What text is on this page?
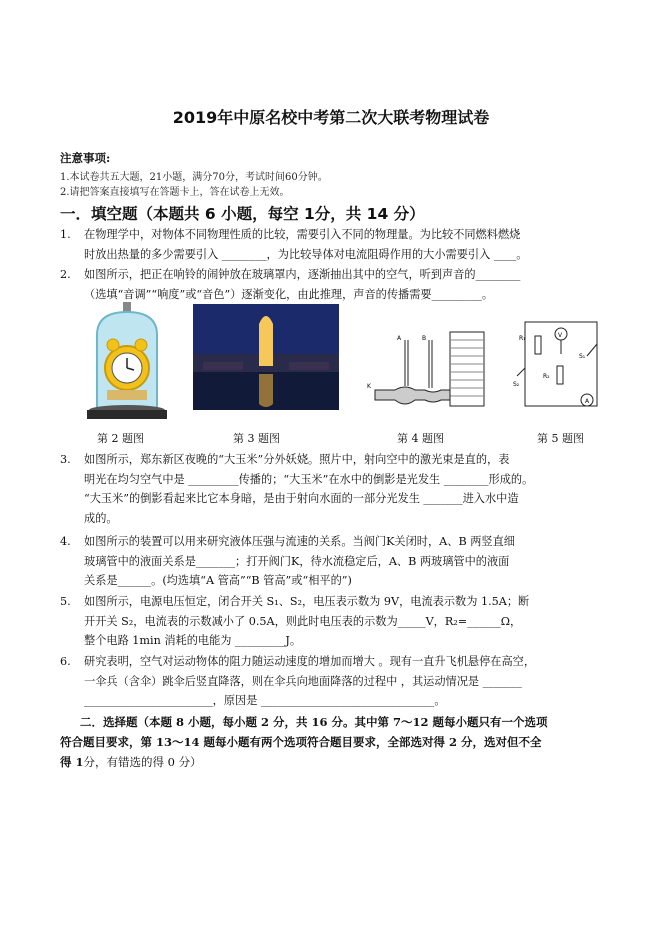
2019年中原名校中考第二次大联考物理试卷
注意事项:
1.本试卷共五大题，21小题，满分70分，考试时间60分钟。
2.请把答案直接填写在答题卡上，答在试卷上无效。
一．填空题（本题共 6 小题，每空 1分，共 14 分）
1.	在物理学中，对物体不同物理性质的比较，需要引入不同的物理量。为比较不同燃料燃烧
时放出热量的多少需要引入 ________，为比较导体对电流阻碍作用的大小需要引入 ____。
2.	如图所示，把正在响铃的闹钟放在玻璃罩内，逐渐抽出其中的空气，听到声音的________
（选填“音调”“响度”或“音色”）逐渐变化，由此推理，声音的传播需要_________。
A	B
K
R₁	V
S₁
S₂
R₂
A
第 2 题图	第 3 题图	第 4 题图	第 5 题图
3.	如图所示，郑东新区夜晚的“大玉米”分外妖娆。照片中，射向空中的激光束是直的，表
明光在均匀空气中是 _________传播的；“大玉米”在水中的倒影是光发生 ________形成的。
“大玉米”的倒影看起来比它本身暗，是由于射向水面的一部分光发生 _______进入水中造
成的。
4.	如图所示的装置可以用来研究液体压强与流速的关系。当阀门K关闭时，A、B 两竖直细
玻璃管中的液面关系是_______；打开阀门K，待水流稳定后，A、B 两玻璃管中的液面
关系是______。(均选填“A 管高”“B 管高”或“相平的”)
5.	如图所示，电源电压恒定，闭合开关 S₁、S₂，电压表示数为 9V，电流表示数为 1.5A；断
开开关 S₂，电流表的示数减小了 0.5A，则此时电压表的示数为_____V，R₂=______Ω，
整个电路 1min 消耗的电能为 _________J。
6.	研究表明，空气对运动物体的阻力随运动速度的增加而增大 。现有一直升飞机悬停在高空，
一伞兵（含伞）跳伞后竖直降落，则在伞兵向地面降落的过程中 ，其运动情况是 _______
_______________________，原因是 _______________________________。
二．选择题（本题 8 小题，每小题 2 分，共 16 分。其中第 7～12 题每小题只有一个选项
符合题目要求，第 13～14 题每小题有两个选项符合题目要求，全部选对得 2 分，选对但不全
得 1分，有错选的得 0 分）
